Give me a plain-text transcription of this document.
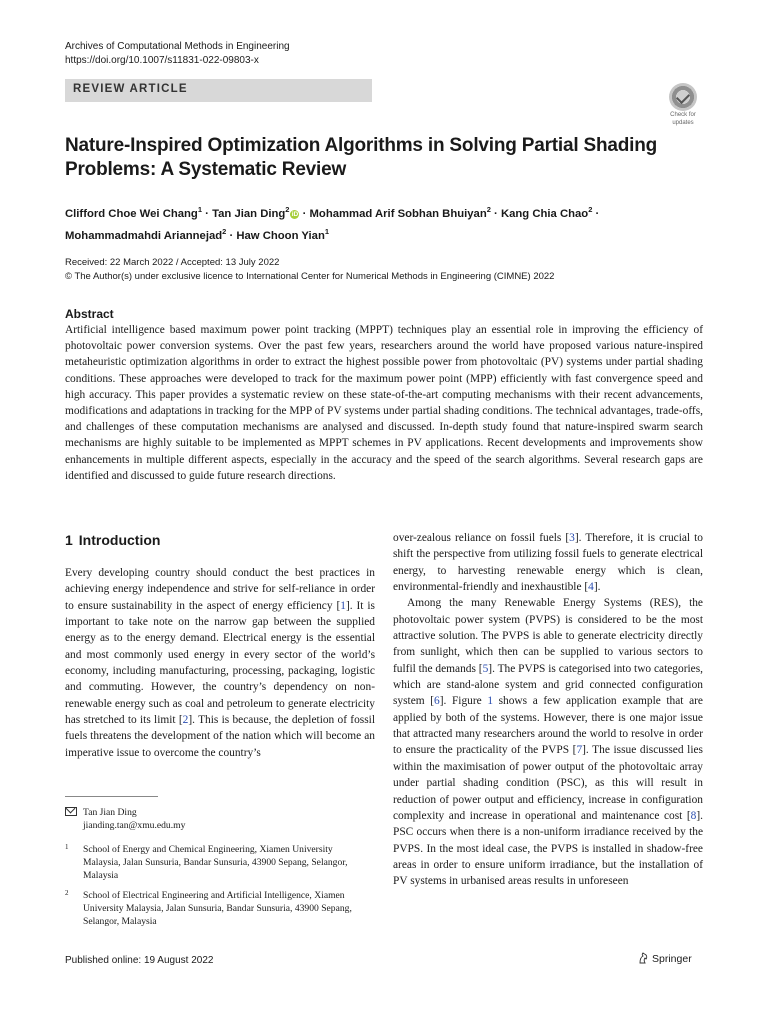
Archives of Computational Methods in Engineering
https://doi.org/10.1007/s11831-022-09803-x
REVIEW ARTICLE
Check for
updates
Nature-Inspired Optimization Algorithms in Solving Partial Shading
Problems: A Systematic Review
Clifford Choe Wei Chang$^1$ · Tan Jian Ding$^2$iD · Mohammad Arif Sobhan Bhuiyan$^2$ · Kang Chia Chao$^2$ ·
Mohammadmahdi Ariannejad$^2$ · Haw Choon Yian$^1$
Received: 22 March 2022 / Accepted: 13 July 2022
© The Author(s) under exclusive licence to International Center for Numerical Methods in Engineering (CIMNE) 2022
Abstract
Artificial intelligence based maximum power point tracking (MPPT) techniques play an essential role in improving the efficiency of photovoltaic power conversion systems. Over the past few years, researchers around the world have proposed various nature-inspired metaheuristic optimization algorithms in order to extract the highest possible power from photovoltaic (PV) systems under partial shading conditions. These approaches were developed to track for the maximum power point (MPP) efficiently with fast convergence speed and high accuracy. This paper provides a systematic review on these state-of-the-art computing mechanisms with their recent advancements, modifications and adaptations in tracking for the MPP of PV systems under partial shading conditions. The technical advantages, trade-offs, and challenges of these computation mechanisms are analysed and discussed. In-depth study found that nature-inspired swarm search mechanisms are highly suitable to be implemented as MPPT schemes in PV applications. Recent developments and improvements show enhancements in multiple different aspects, especially in the accuracy and the speed of the search algorithms. Several research gaps are identified and discussed to guide future research directions.
1 Introduction

Every developing country should conduct the best practices in achieving energy independence and strive for self-reliance in order to ensure sustainability in the aspect of energy efficiency [1]. It is important to take note on the narrow gap between the supplied energy as to the energy demand. Electrical energy is the essential and most commonly used energy in every sector of the world’s economy, including manufacturing, processing, packaging, logistic and commuting. However, the country’s dependency on non-renewable energy such as coal and petroleum to generate electricity has stretched to its limit [2]. This is because, the depletion of fossil fuels threatens the development of the nation which will become an imperative issue to overcome the country’s

over-zealous reliance on fossil fuels [3]. Therefore, it is crucial to shift the perspective from utilizing fossil fuels to generate electrical energy, to harvesting renewable energy which is clean, environmental-friendly and inexhaustible [4].

Among the many Renewable Energy Systems (RES), the photovoltaic power system (PVPS) is considered to be the most attractive solution. The PVPS is able to generate electricity directly from sunlight, which then can be supplied to various sectors to fulfil the demands [5]. The PVPS is categorised into two categories, which are stand-alone system and grid connected configuration system [6]. Figure 1 shows a few application example that are applied by both of the systems. However, there is one major issue that attracted many researchers around the world to resolve in order to ensure the practicality of the PVPS [7]. The issue discussed lies within the maximisation of power output of the photovoltaic array under partial shading condition (PSC), as this will result in reduction of power output and efficiency, increase in configuration complexity and increase in operational and maintenance cost [8]. PSC occurs when there is a non-uniform irradiance received by the PVPS. In the most ideal case, the PVPS is installed in shadow-free areas in order to ensure uniform irradiance, but the installation of PV systems in urbanised areas results in unforeseen

Tan Jian Ding
jianding.tan@xmu.edu.my
1 School of Energy and Chemical Engineering, Xiamen University Malaysia, Jalan Sunsuria, Bandar Sunsuria, 43900 Sepang, Selangor, Malaysia
2 School of Electrical Engineering and Artificial Intelligence, Xiamen University Malaysia, Jalan Sunsuria, Bandar Sunsuria, 43900 Sepang, Selangor, Malaysia
Published online: 19 August 2022	Springer
